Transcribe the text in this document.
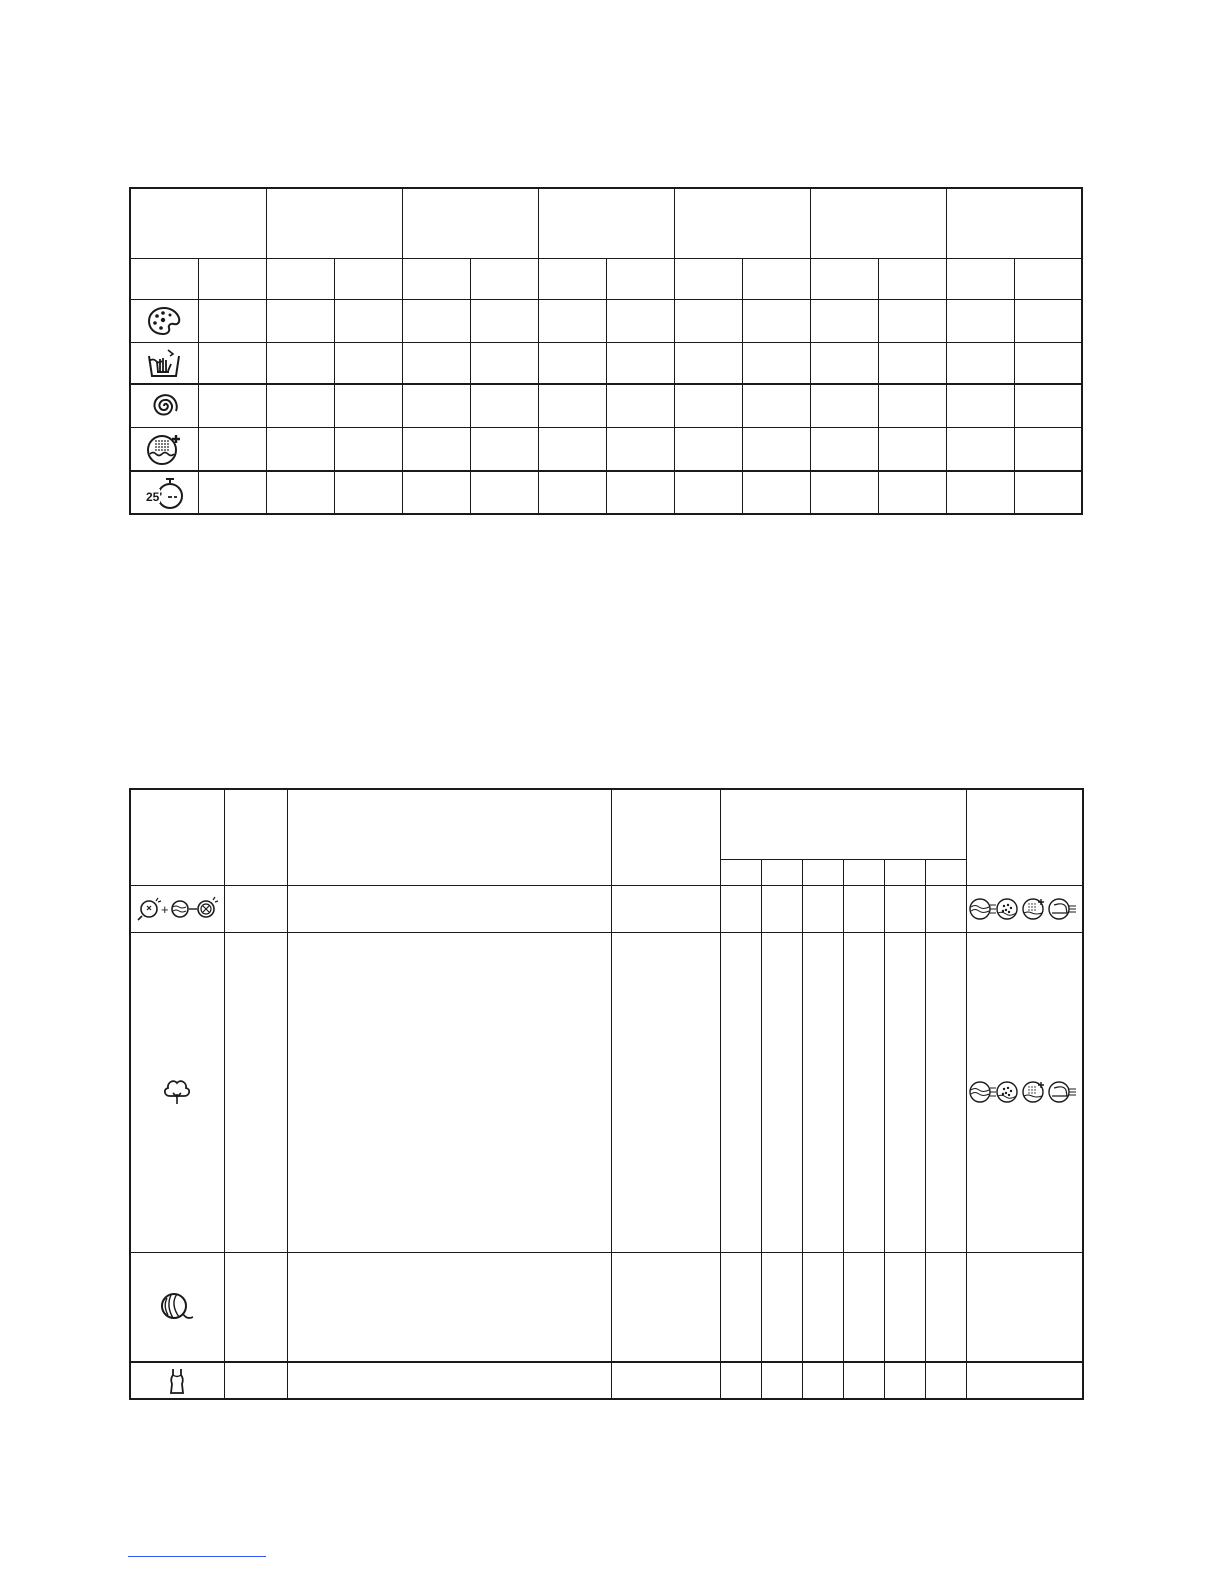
25'													

+
